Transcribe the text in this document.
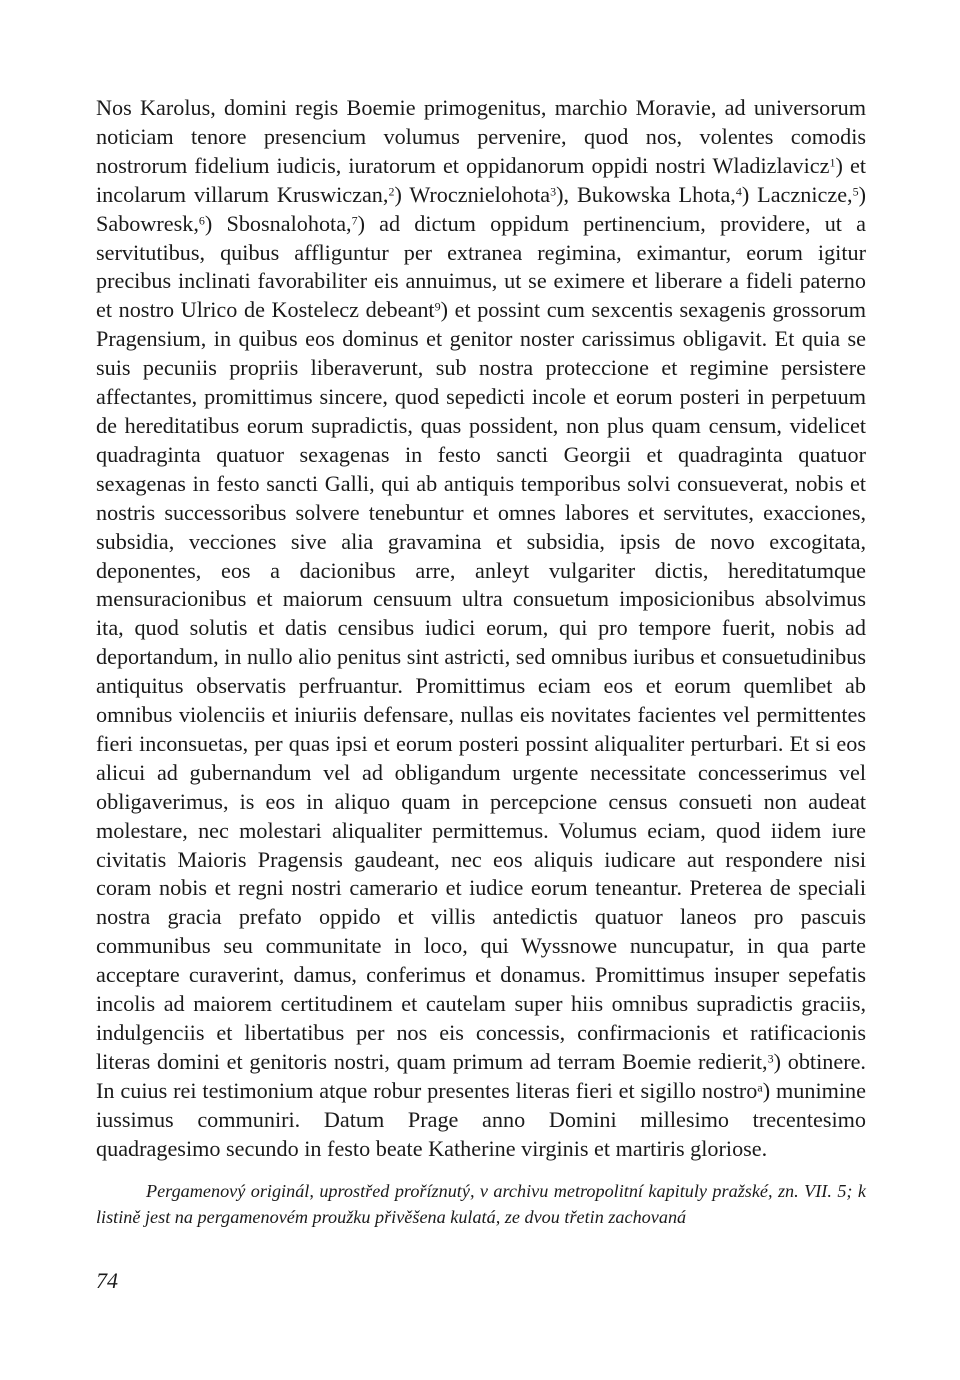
Nos Karolus, domini regis Boemie primogenitus, marchio Moravie, ad universorum noticiam tenore presencium volumus pervenire, quod nos, volentes comodis nostrorum fidelium iudicis, iuratorum et oppidanorum oppidi nostri Wladizlavicz$^1$) et incolarum villarum Kruswiczan,$^2$) Wrocznielohota$^3$), Bukowska Lhota,$^4$) Lacznicze,$^5$) Sabowresk,$^6$) Sbosnalohota,$^7$) ad dictum oppidum pertinencium, providere, ut a servitutibus, quibus affliguntur per extranea regimina, eximantur, eorum igitur precibus inclinati favorabiliter eis annuimus, ut se eximere et liberare a fideli paterno et nostro Ulrico de Kostelecz debeant$^9$) et possint cum sexcentis sexagenis grossorum Pragensium, in quibus eos dominus et genitor noster carissimus obligavit. Et quia se suis pecuniis propriis liberaverunt, sub nostra proteccione et regimine persistere affectantes, promittimus sincere, quod sepedicti incole et eorum posteri in perpetuum de hereditatibus eorum supradictis, quas possident, non plus quam censum, videlicet quadraginta quatuor sexagenas in festo sancti Georgii et quadraginta quatuor sexagenas in festo sancti Galli, qui ab antiquis temporibus solvi consueverat, nobis et nostris successoribus solvere tenebuntur et omnes labores et servitutes, exacciones, subsidia, vecciones sive alia gravamina et subsidia, ipsis de novo excogitata, deponentes, eos a dacionibus arre, anleyt vulgariter dictis, hereditatumque mensuracionibus et maiorum censuum ultra consuetum imposicionibus absolvimus ita, quod solutis et datis censibus iudici eorum, qui pro tempore fuerit, nobis ad deportandum, in nullo alio penitus sint astricti, sed omnibus iuribus et consuetudinibus antiquitus observatis perfruantur. Promittimus eciam eos et eorum quemlibet ab omnibus violenciis et iniuriis defensare, nullas eis novitates facientes vel permittentes fieri inconsuetas, per quas ipsi et eorum posteri possint aliqualiter perturbari. Et si eos alicui ad gubernandum vel ad obligandum urgente necessitate concesserimus vel obligaverimus, is eos in aliquo quam in percepcione census consueti non audeat molestare, nec molestari aliqualiter permittemus. Volumus eciam, quod iidem iure civitatis Maioris Pragensis gaudeant, nec eos aliquis iudicare aut respondere nisi coram nobis et regni nostri camerario et iudice eorum teneantur. Preterea de speciali nostra gracia prefato oppido et villis antedictis quatuor laneos pro pascuis communibus seu communitate in loco, qui Wyssnowe nuncupatur, in qua parte acceptare curaverint, damus, conferimus et donamus. Promittimus insuper sepefatis incolis ad maiorem certitudinem et cautelam super hiis omnibus supradictis graciis, indulgenciis et libertatibus per nos eis concessis, confirmacionis et ratificacionis literas domini et genitoris nostri, quam primum ad terram Boemie redierit,$^3$) obtinere. In cuius rei testimonium atque robur presentes literas fieri et sigillo nostro$^a$) munimine iussimus communiri. Datum Prage anno Domini millesimo trecentesimo quadragesimo secundo in festo beate Katherine virginis et martiris gloriose.

Pergamenový originál, uprostřed proříznutý, v archivu metropolitní kapituly pražské, zn. VII. 5; k listině jest na pergamenovém proužku přivěšena kulatá, ze dvou třetin zachovaná

74
